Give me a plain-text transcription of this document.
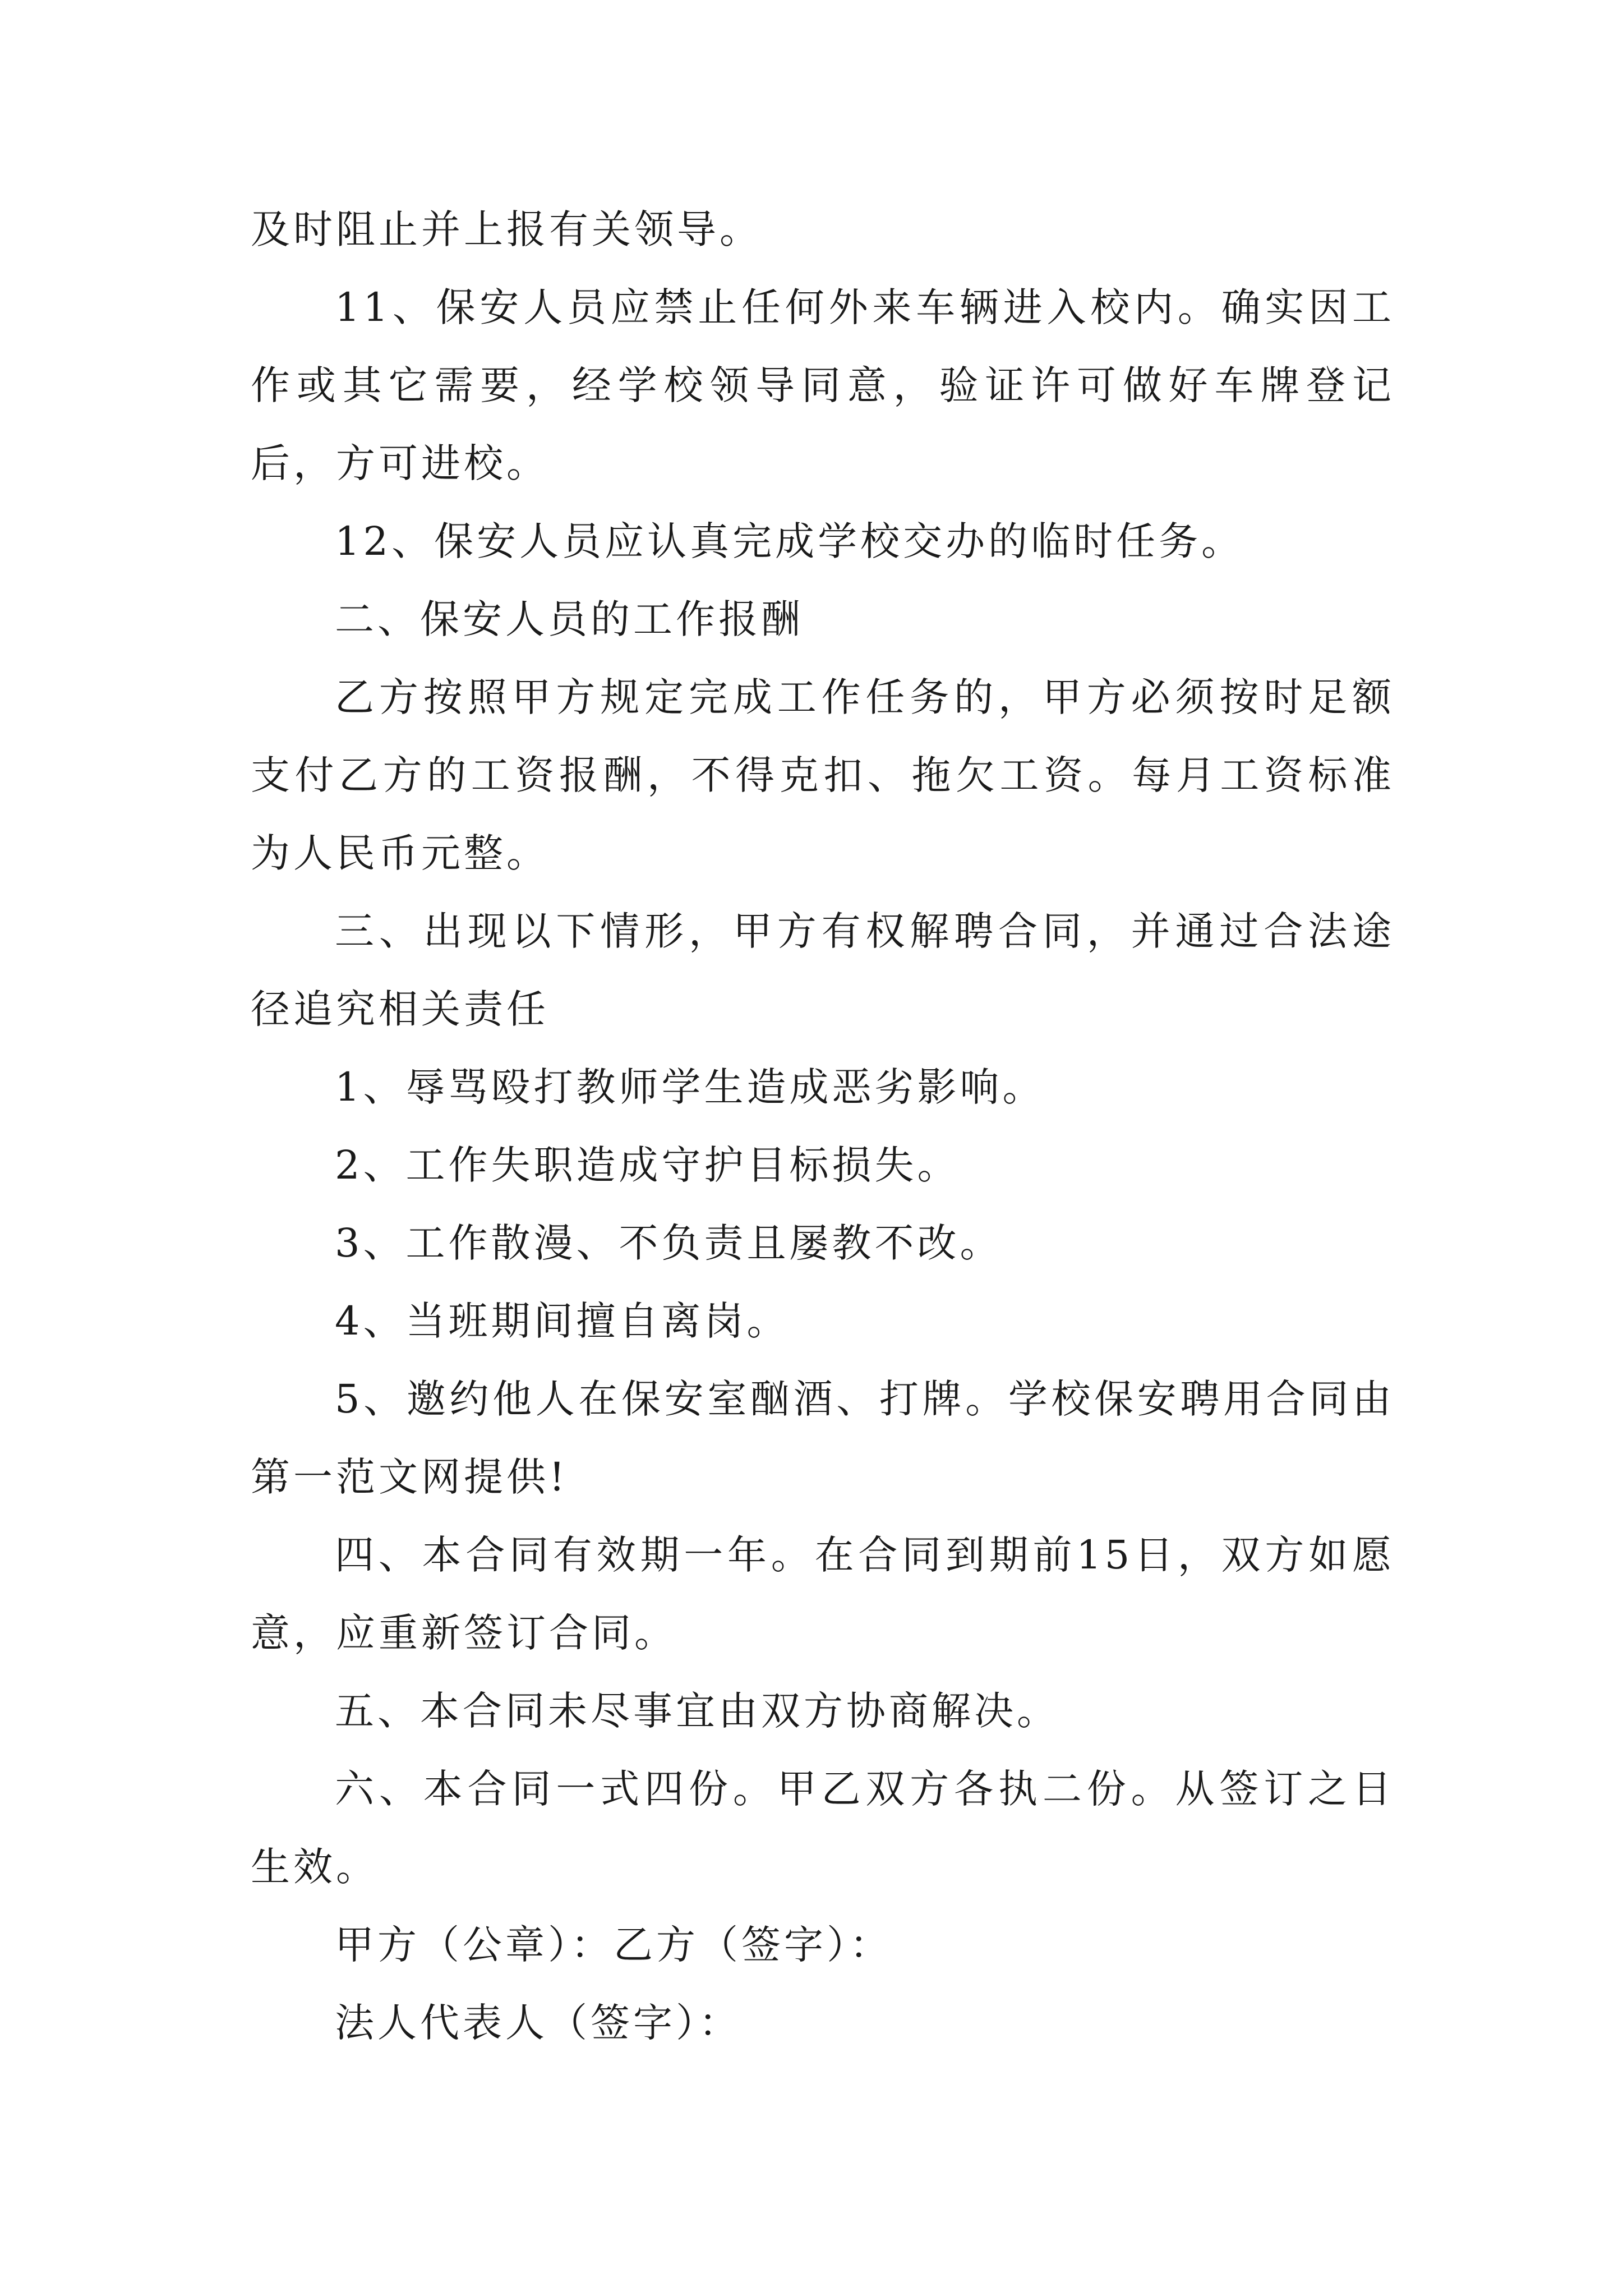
及时阻止并上报有关领导。

11、保安人员应禁止任何外来车辆进入校内。确实因工作或其它需要，经学校领导同意，验证许可做好车牌登记后，方可进校。

12、保安人员应认真完成学校交办的临时任务。

二、保安人员的工作报酬

乙方按照甲方规定完成工作任务的，甲方必须按时足额支付乙方的工资报酬，不得克扣、拖欠工资。每月工资标准为人民币元整。

三、出现以下情形，甲方有权解聘合同，并通过合法途径追究相关责任

1、辱骂殴打教师学生造成恶劣影响。

2、工作失职造成守护目标损失。

3、工作散漫、不负责且屡教不改。

4、当班期间擅自离岗。

5、邀约他人在保安室酗酒、打牌。学校保安聘用合同由第一范文网提供!

四、本合同有效期一年。在合同到期前15日，双方如愿意，应重新签订合同。

五、本合同未尽事宜由双方协商解决。

六、本合同一式四份。甲乙双方各执二份。从签订之日生效。

甲方（公章）：乙方（签字）：

法人代表人（签字）：
